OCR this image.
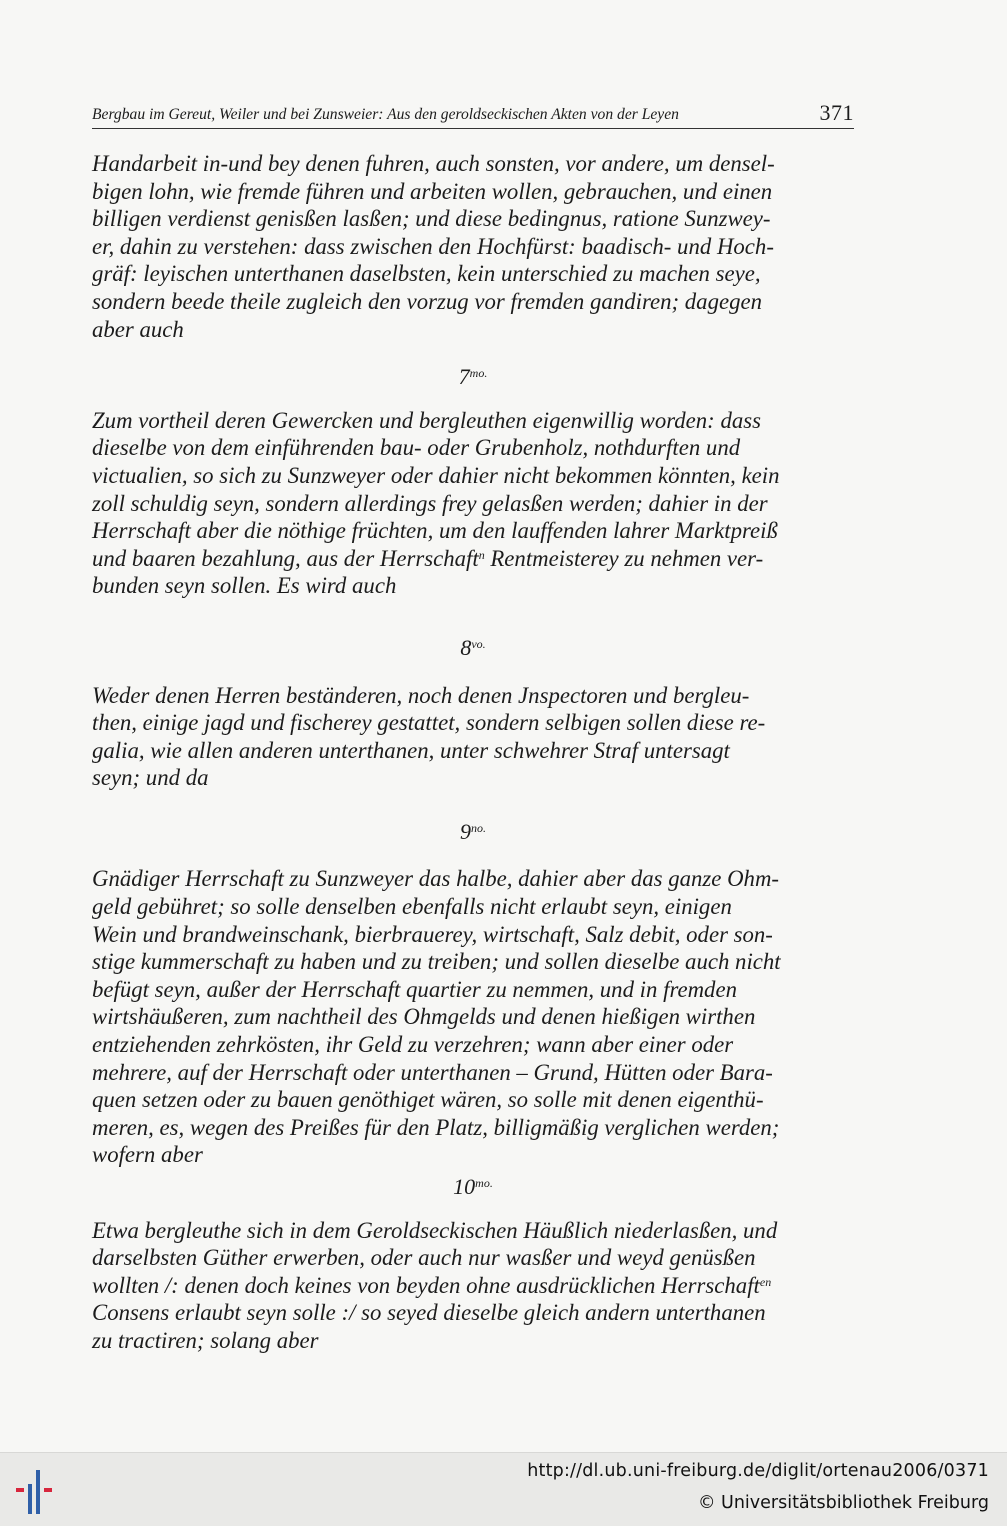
Bergbau im Gereut, Weiler und bei Zunsweier: Aus den geroldseckischen Akten von der Leyen	371

Handarbeit in-und bey denen fuhren, auch sonsten, vor andere, um densel-
bigen lohn, wie fremde führen und arbeiten wollen, gebrauchen, und einen
billigen verdienst genisßen lasßen; und diese bedingnus, ratione Sunzwey-
er, dahin zu verstehen: dass zwischen den Hochfürst: baadisch- und Hoch-
gräf: leyischen unterthanen daselbsten, kein unterschied zu machen seye,
sondern beede theile zugleich den vorzug vor fremden gandiren; dagegen
aber auch

$7^{mo.}$

Zum vortheil deren Gewercken und bergleuthen eigenwillig worden: dass
dieselbe von dem einführenden bau- oder Grubenholz, nothdurften und
victualien, so sich zu Sunzweyer oder dahier nicht bekommen könnten, kein
zoll schuldig seyn, sondern allerdings frey gelasßen werden; dahier in der
Herrschaft aber die nöthige früchten, um den lauffenden lahrer Marktpreiß
und baaren bezahlung, aus der Herrschaft$^n$ Rentmeisterey zu nehmen ver-
bunden seyn sollen. Es wird auch

$8^{vo.}$

Weder denen Herren beständeren, noch denen Jnspectoren und bergleu-
then, einige jagd und fischerey gestattet, sondern selbigen sollen diese re-
galia, wie allen anderen unterthanen, unter schwehrer Straf untersagt
seyn; und da

$9^{no.}$

Gnädiger Herrschaft zu Sunzweyer das halbe, dahier aber das ganze Ohm-
geld gebühret; so solle denselben ebenfalls nicht erlaubt seyn, einigen
Wein und brandweinschank, bierbrauerey, wirtschaft, Salz debit, oder son-
stige kummerschaft zu haben und zu treiben; und sollen dieselbe auch nicht
befügt seyn, außer der Herrschaft quartier zu nemmen, und in fremden
wirtshäußeren, zum nachtheil des Ohmgelds und denen hießigen wirthen
entziehenden zehrkösten, ihr Geld zu verzehren; wann aber einer oder
mehrere, auf der Herrschaft oder unterthanen – Grund, Hütten oder Bara-
quen setzen oder zu bauen genöthiget wären, so solle mit denen eigenthü-
meren, es, wegen des Preißes für den Platz, billigmäßig verglichen werden;
wofern aber

$10^{mo.}$

Etwa bergleuthe sich in dem Geroldseckischen Häußlich niederlasßen, und
darselbsten Güther erwerben, oder auch nur wasßer und weyd genüsßen
wollten /: denen doch keines von beyden ohne ausdrücklichen Herrschaft$^{en}$
Consens erlaubt seyn solle :/ so seyed dieselbe gleich andern unterthanen
zu tractiren; solang aber

http://dl.ub.uni-freiburg.de/diglit/ortenau2006/0371
© Universitätsbibliothek Freiburg
